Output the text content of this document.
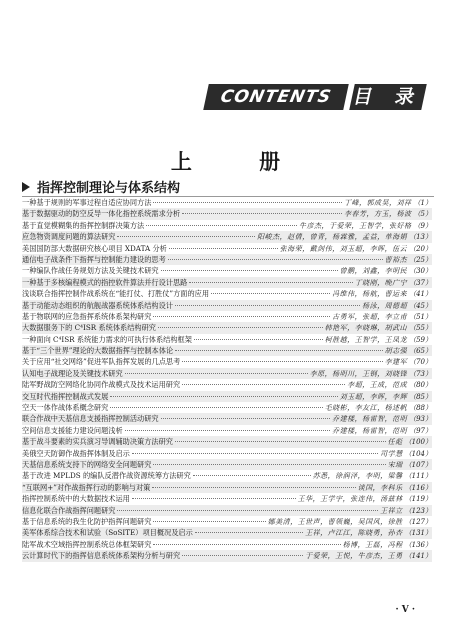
CONTENTS 目 录
上 册
指挥控制理论与体系结构
一种基于规则的军事过程自适应协同方法	丁峰，郭成昊，刘祥 （1）
基于数据驱动的防空反导一体化指控系统需求分析	李春芳，方玉，杨波 （5）
基于直觉模糊集的指挥控制群决策方法	牛彦杰，于爱荣，王智学，张好格 （9）
应急物资调度问题的算法研究	阳峻杰，赵倩，曾青，杨霖雅，孟益，单海娟 （13）
美国国防部大数据研究核心项目 XDATA 分析	张海荣，戴剑伟，刘玉超，李晖，伍云 （20）
通信电子战条件下指挥与控制能力建设的思考	曹裕杰 （25）
一种编队作战任务规划方法及关键技术研究	曾鹏，刘鑫，李明民 （30）
一种基于多核编程模式的指控软件算法并行设计思路	丁晓刚，晚广宁 （37）
浅谈联合指挥控制作战系统在“能打仗、打胜仗”方面的应用	冯维伟，杨航，曹运来 （41）
基于动能动态组织的航舰战器系统体系结构设计	杨泳，周德超 （45）
基于物联网的应急指挥系统体系架构研究	古勇军，张超，李立甫 （51）
大数据服务下的 C⁴ISR 系统体系结构研究	韩艳军，李晓琳，胡武山 （55）
一种面向 C⁴ISR 系统能力需求的可执行体系结构框架	柯胜越，王智学，王凤龙 （59）
基于“三个世界”理论的大数据指挥与控制本体论	胡志强 （65）
关于应用“社交网络”促进军队指挥发展的几点思考	李建军 （70）
认知电子战理论及关键技术研究	李原，杨明川，王钢，刘晓锋 （73）
陆军野战防空网络化协同作战模式及技术运用研究	李超，王成，范成 （80）
交互时代指挥控制战式发展	刘玉超，李晖，李辉 （85）
空天一体作战体系概念研究	毛晓彬，李友江，杨述帆 （88）
联合作战中天基信息支援指挥控制活动研究	乔建楼，杨雷智，范明 （93）
空间信息支援能力建设问题浅析	乔建楼，杨雷智，范明 （97）
基于战斗要素的实兵演习导调辅助决策方法研究	任彪 （100）
美俄空天防御作战指挥体制及启示	司学慧 （104）
天基信息系统支持下的网络安全问题研究	宋瑞 （107）
基于改进 MPLDS 的编队反潜作战资源统筹方法研究	苏悉，徐润泽，李明，梁馨 （111）
“互联网+”对作战指挥行动的影响与对策	谈国，李科乐 （116）
指挥控制系统中的大数据技术运用	王华，王学宇，张连伟，汤兹林 （119）
信息化联合作战指挥问题研究	王祥立 （123）
基于信息系统的我生化防护指挥问题研究	娜美清，王世声，曹领巍，吴国风，徐胜 （127）
美军体系综合技术和试验（SoSITE）项目概况及启示	王祥，卢江江，陈晓勇，孙杏 （131）
陆军战术空域指挥控制系统总体框架研究	杨博，王磊，冯程 （136）
云计算时代下的指挥信息系统体系架构分析与研究	于爱荣，王悦，牛彦杰，王勇 （141）
· V ·
